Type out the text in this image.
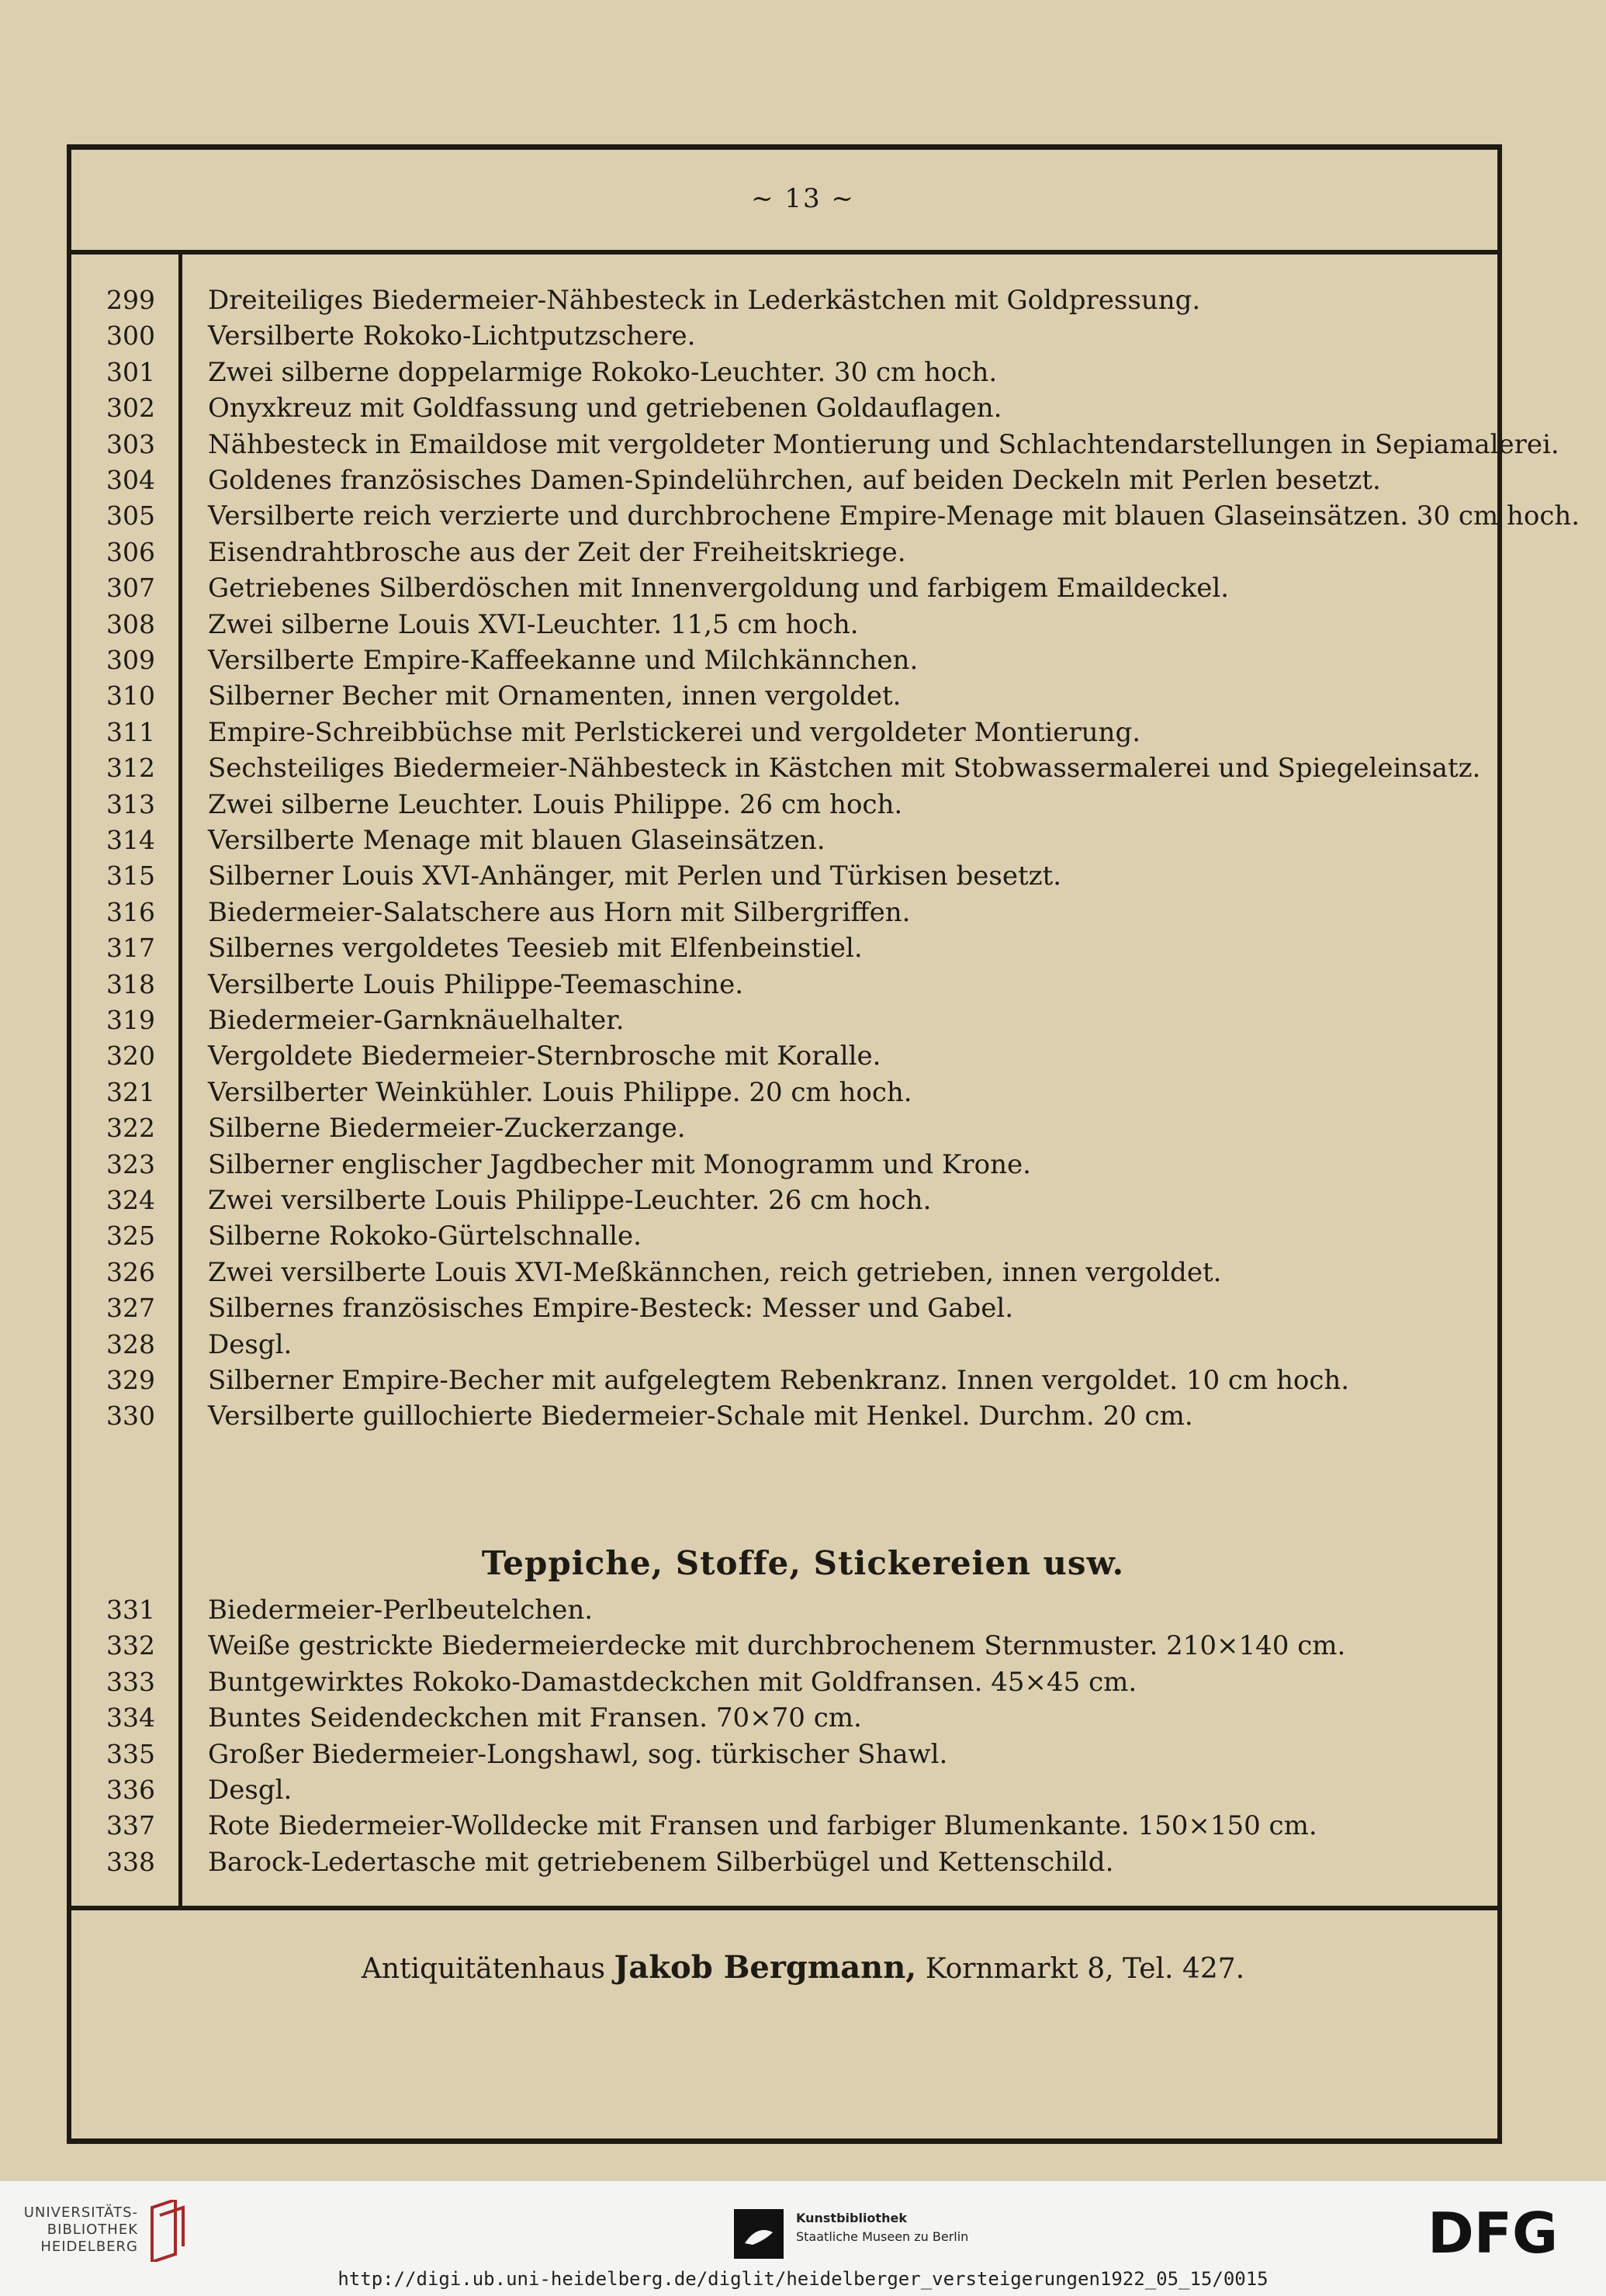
~ 13 ~
299 Dreiteiliges Biedermeier-Nähbesteck in Lederkästchen mit Goldpressung.
300 Versilberte Rokoko-Lichtputzschere.
301 Zwei silberne doppelarmige Rokoko-Leuchter. 30 cm hoch.
302 Onyxkreuz mit Goldfassung und getriebenen Goldauflagen.
303 Nähbesteck in Emaildose mit vergoldeter Montierung und Schlachtendarstellungen in Sepiamalerei.
304 Goldenes französisches Damen-Spindelührchen, auf beiden Deckeln mit Perlen besetzt.
305 Versilberte reich verzierte und durchbrochene Empire-Menage mit blauen Glaseinsätzen. 30 cm hoch.
306 Eisendrahtbrosche aus der Zeit der Freiheitskriege.
307 Getriebenes Silberdöschen mit Innenvergoldung und farbigem Emaildeckel.
308 Zwei silberne Louis XVI-Leuchter. 11,5 cm hoch.
309 Versilberte Empire-Kaffeekanne und Milchkännchen.
310 Silberner Becher mit Ornamenten, innen vergoldet.
311 Empire-Schreibbüchse mit Perlstickerei und vergoldeter Montierung.
312 Sechsteiliges Biedermeier-Nähbesteck in Kästchen mit Stobwassermalerei und Spiegeleinsatz.
313 Zwei silberne Leuchter. Louis Philippe. 26 cm hoch.
314 Versilberte Menage mit blauen Glaseinsätzen.
315 Silberner Louis XVI-Anhänger, mit Perlen und Türkisen besetzt.
316 Biedermeier-Salatschere aus Horn mit Silbergriffen.
317 Silbernes vergoldetes Teesieb mit Elfenbeinstiel.
318 Versilberte Louis Philippe-Teemaschine.
319 Biedermeier-Garnknäuelhalter.
320 Vergoldete Biedermeier-Sternbrosche mit Koralle.
321 Versilberter Weinkühler. Louis Philippe. 20 cm hoch.
322 Silberne Biedermeier-Zuckerzange.
323 Silberner englischer Jagdbecher mit Monogramm und Krone.
324 Zwei versilberte Louis Philippe-Leuchter. 26 cm hoch.
325 Silberne Rokoko-Gürtelschnalle.
326 Zwei versilberte Louis XVI-Meßkännchen, reich getrieben, innen vergoldet.
327 Silbernes französisches Empire-Besteck: Messer und Gabel.
328 Desgl.
329 Silberner Empire-Becher mit aufgelegtem Rebenkranz. Innen vergoldet. 10 cm hoch.
330 Versilberte guillochierte Biedermeier-Schale mit Henkel. Durchm. 20 cm.
Teppiche, Stoffe, Stickereien usw.
331 Biedermeier-Perlbeutelchen.
332 Weiße gestrickte Biedermeierdecke mit durchbrochenem Sternmuster. 210×140 cm.
333 Buntgewirktes Rokoko-Damastdeckchen mit Goldfransen. 45×45 cm.
334 Buntes Seidendeckchen mit Fransen. 70×70 cm.
335 Großer Biedermeier-Longshawl, sog. türkischer Shawl.
336 Desgl.
337 Rote Biedermeier-Wolldecke mit Fransen und farbiger Blumenkante. 150×150 cm.
338 Barock-Ledertasche mit getriebenem Silberbügel und Kettenschild.
Antiquitätenhaus Jakob Bergmann, Kornmarkt 8, Tel. 427.
UNIVERSITÄTS-
BIBLIOTHEK
HEIDELBERG
Kunstbibliothek
Staatliche Museen zu Berlin	DFG
http://digi.ub.uni-heidelberg.de/diglit/heidelberger_versteigerungen1922_05_15/0015
